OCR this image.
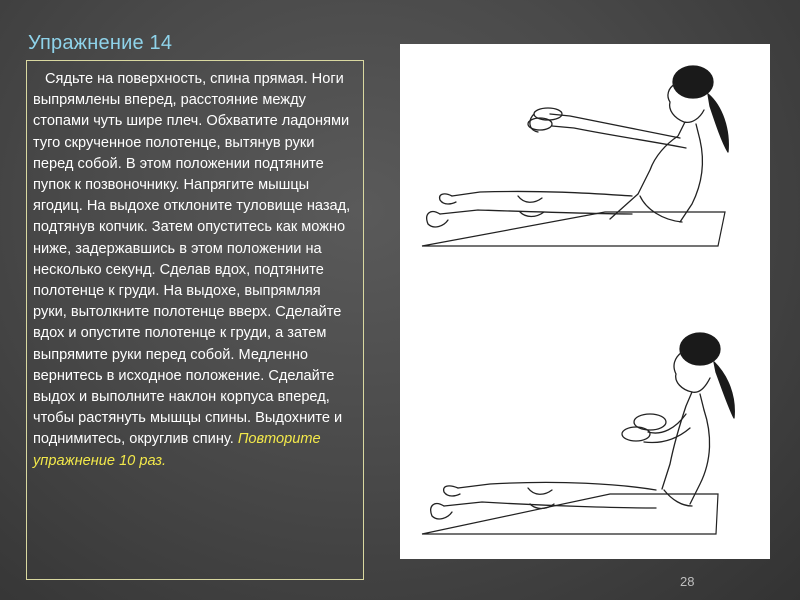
Упражнение 14

Сядьте на поверхность, спина прямая. Ноги выпрямлены вперед, расстояние между стопами чуть шире плеч. Обхватите ладонями туго скрученное полотенце, вытянув руки перед собой. В этом положении подтяните пупок к позвоночнику. Напрягите мышцы ягодиц. На выдохе отклоните туловище назад, подтянув копчик. Затем опуститесь как можно ниже, задержавшись в этом положении на несколько секунд. Сделав вдох, подтяните полотенце к груди. На выдохе, выпрямляя руки, вытолкните полотенце вверх. Сделайте вдох и опустите полотенце к груди, а затем выпрямите руки перед собой. Медленно вернитесь в исходное положение. Сделайте выдох и выполните наклон корпуса вперед, чтобы растянуть мышцы спины. Выдохните и поднимитесь, округлив спину. Повторите упражнение 10 раз.

28
